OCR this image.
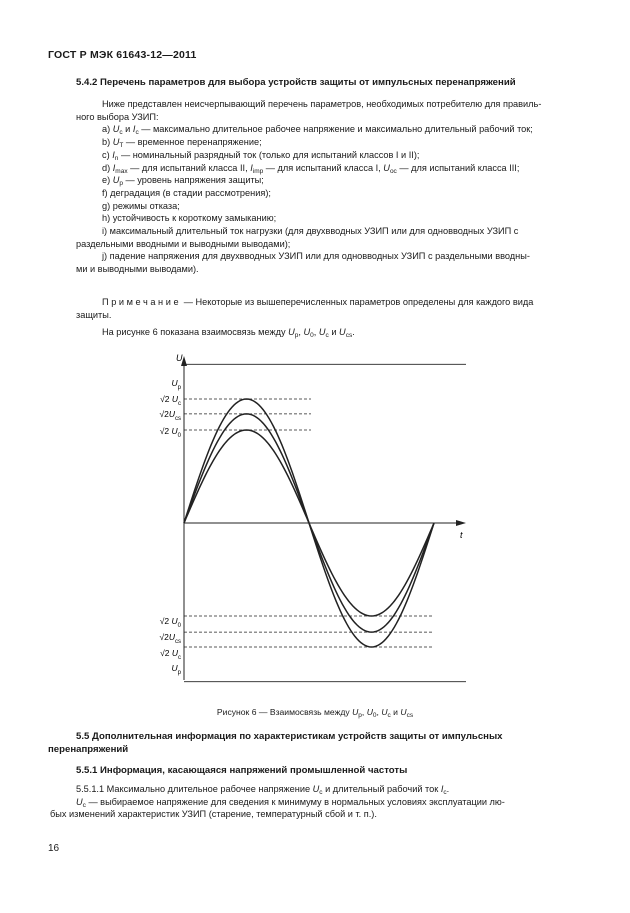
ГОСТ Р МЭК 61643-12—2011
5.4.2 Перечень параметров для выбора устройств защиты от импульсных перенапряжений

Ниже представлен неисчерпывающий перечень параметров, необходимых потребителю для правиль-

ного выбора УЗИП:

а) $U_c$ и $I_c$ — максимально длительное рабочее напряжение и максимально длительный рабочий ток;

b) $U_T$ — временное перенапряжение;

c) $I_n$ — номинальный разрядный ток (только для испытаний классов I и II);

d) $I_{max}$ — для испытаний класса II, $I_{imp}$ — для испытаний класса I, $U_{oc}$ — для испытаний класса III;

e) $U_p$ — уровень напряжения защиты;

f) деградация (в стадии рассмотрения);

g) режимы отказа;

h) устойчивость к короткому замыканию;

i) максимальный длительный ток нагрузки (для двухвводных УЗИП или для одновводных УЗИП с

раздельными вводными и выводными выводами);

j) падение напряжения для двухвводных УЗИП или для одновводных УЗИП с раздельными вводны-

ми и выводными выводами).

Примечание — Некоторые из вышеперечисленных параметров определены для каждого вида

защиты.

На рисунке 6 показана взаимосвязь между $U_p$, $U_0$, $U_c$ и $U_{cs}$.

U
t
$U_p$
√2 $U_c$
$√2U_{cs}$
√2 $U_0$
√2 $U_0$
$√2U_{cs}$
√2 $U_c$
$U_p$
Рисунок 6 — Взаимосвязь между $U_p$, $U_0$, $U_c$ и $U_{cs}$
5.5 Дополнительная информация по характеристикам устройств защиты от импульсных
перенапряжений
5.5.1 Информация, касающаяся напряжений промышленной частоты

5.5.1.1 Максимально длительное рабочее напряжение $U_c$ и длительный рабочий ток $I_c$.

$U_c$ — выбираемое напряжение для сведения к минимуму в нормальных условиях эксплуатации лю-

бых изменений характеристик УЗИП (старение, температурный сбой и т. п.).

16
